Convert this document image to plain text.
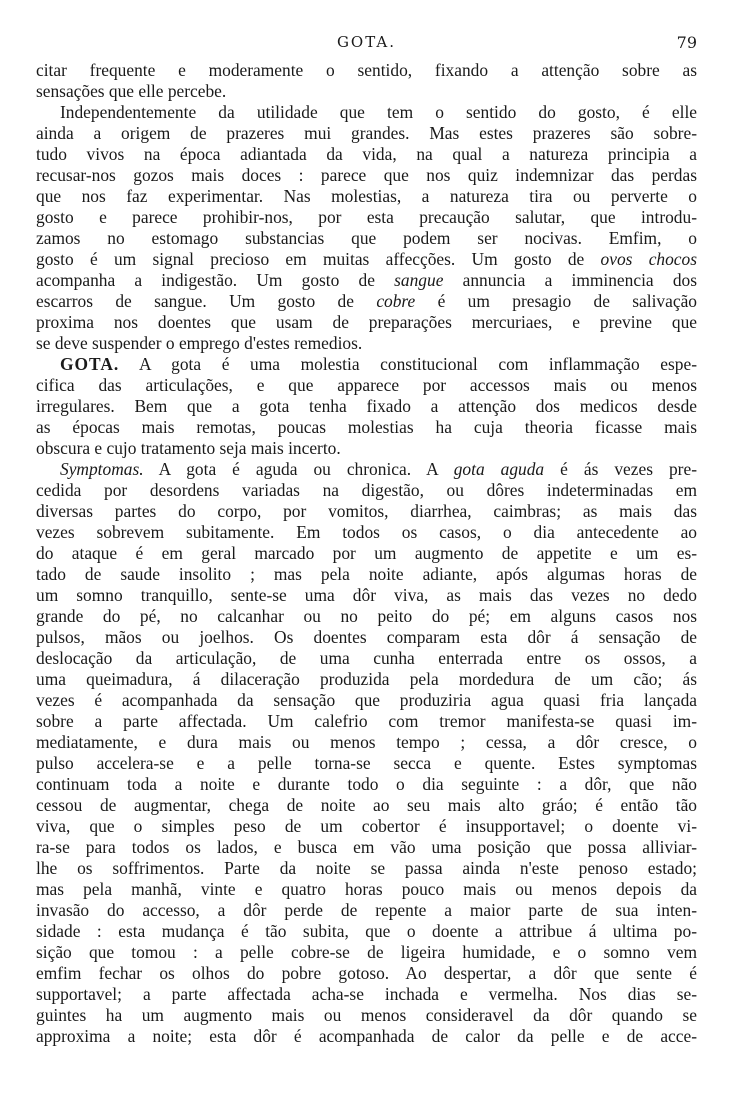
GOTA.	79
citar frequente e moderamente o sentido, fixando a attenção sobre as
sensações que elle percebe.
Independentemente da utilidade que tem o sentido do gosto, é elle
ainda a origem de prazeres mui grandes. Mas estes prazeres são sobre-
tudo vivos na época adiantada da vida, na qual a natureza principia a
recusar-nos gozos mais doces : parece que nos quiz indemnizar das perdas
que nos faz experimentar. Nas molestias, a natureza tira ou perverte o
gosto e parece prohibir-nos, por esta precaução salutar, que introdu-
zamos no estomago substancias que podem ser nocivas. Emfim, o
gosto é um signal precioso em muitas affecções. Um gosto de ovos chocos
acompanha a indigestão. Um gosto de sangue annuncia a imminencia dos
escarros de sangue. Um gosto de cobre é um presagio de salivação
proxima nos doentes que usam de preparações mercuriaes, e previne que
se deve suspender o emprego d'estes remedios.
GOTA. A gota é uma molestia constitucional com inflammação espe-
cifica das articulações, e que apparece por accessos mais ou menos
irregulares. Bem que a gota tenha fixado a attenção dos medicos desde
as épocas mais remotas, poucas molestias ha cuja theoria ficasse mais
obscura e cujo tratamento seja mais incerto.
Symptomas. A gota é aguda ou chronica. A gota aguda é ás vezes pre-
cedida por desordens variadas na digestão, ou dôres indeterminadas em
diversas partes do corpo, por vomitos, diarrhea, caimbras; as mais das
vezes sobrevem subitamente. Em todos os casos, o dia antecedente ao
do ataque é em geral marcado por um augmento de appetite e um es-
tado de saude insolito ; mas pela noite adiante, após algumas horas de
um somno tranquillo, sente-se uma dôr viva, as mais das vezes no dedo
grande do pé, no calcanhar ou no peito do pé; em alguns casos nos
pulsos, mãos ou joelhos. Os doentes comparam esta dôr á sensação de
deslocação da articulação, de uma cunha enterrada entre os ossos, a
uma queimadura, á dilaceração produzida pela mordedura de um cão; ás
vezes é acompanhada da sensação que produziria agua quasi fria lançada
sobre a parte affectada. Um calefrio com tremor manifesta-se quasi im-
mediatamente, e dura mais ou menos tempo ; cessa, a dôr cresce, o
pulso accelera-se e a pelle torna-se secca e quente. Estes symptomas
continuam toda a noite e durante todo o dia seguinte : a dôr, que não
cessou de augmentar, chega de noite ao seu mais alto gráo; é então tão
viva, que o simples peso de um cobertor é insupportavel; o doente vi-
ra-se para todos os lados, e busca em vão uma posição que possa alliviar-
lhe os soffrimentos. Parte da noite se passa ainda n'este penoso estado;
mas pela manhã, vinte e quatro horas pouco mais ou menos depois da
invasão do accesso, a dôr perde de repente a maior parte de sua inten-
sidade : esta mudança é tão subita, que o doente a attribue á ultima po-
sição que tomou : a pelle cobre-se de ligeira humidade, e o somno vem
emfim fechar os olhos do pobre gotoso. Ao despertar, a dôr que sente é
supportavel; a parte affectada acha-se inchada e vermelha. Nos dias se-
guintes ha um augmento mais ou menos consideravel da dôr quando se
approxima a noite; esta dôr é acompanhada de calor da pelle e de acce-
